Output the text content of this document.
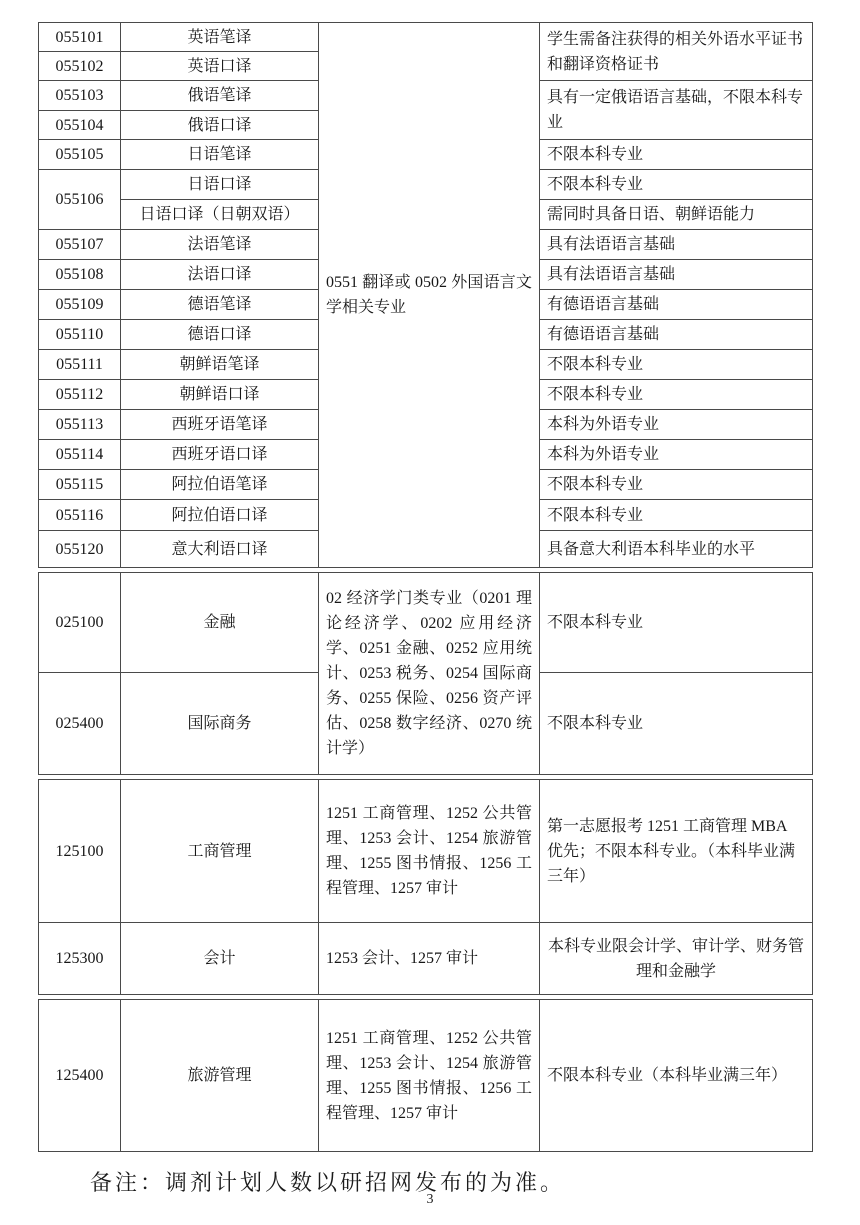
055101	英语笔译	0551 翻译或 0502 外国语言文学相关专业	学生需备注获得的相关外语水平证书和翻译资格证书
055102	英语口译		
055103	俄语笔译		具有一定俄语语言基础，不限本科专业
055104	俄语口译		
055105	日语笔译		不限本科专业
055106	日语口译		不限本科专业
	日语口译（日朝双语）		需同时具备日语、朝鲜语能力
055107	法语笔译		具有法语语言基础
055108	法语口译		具有法语语言基础
055109	德语笔译		有德语语言基础
055110	德语口译		有德语语言基础
055111	朝鲜语笔译		不限本科专业
055112	朝鲜语口译		不限本科专业
055113	西班牙语笔译		本科为外语专业
055114	西班牙语口译		本科为外语专业
055115	阿拉伯语笔译		不限本科专业
055116	阿拉伯语口译		不限本科专业
055120	意大利语口译		具备意大利语本科毕业的水平
025100	金融	02 经济学门类专业（0201 理论经济学、0202 应用经济学、0251 金融、0252 应用统计、0253 税务、0254 国际商务、0255 保险、0256 资产评估、0258 数字经济、0270 统计学）	不限本科专业
025400	国际商务		不限本科专业
125100	工商管理	1251 工商管理、1252 公共管理、1253 会计、1254 旅游管理、1255 图书情报、1256 工程管理、1257 审计	第一志愿报考 1251 工商管理 MBA 优先；不限本科专业。（本科毕业满三年）
125300	会计	1253 会计、1257 审计	本科专业限会计学、审计学、财务管理和金融学
125400	旅游管理	1251 工商管理、1252 公共管理、1253 会计、1254 旅游管理、1255 图书情报、1256 工程管理、1257 审计	不限本科专业（本科毕业满三年）
备注：调剂计划人数以研招网发布的为准。
3
